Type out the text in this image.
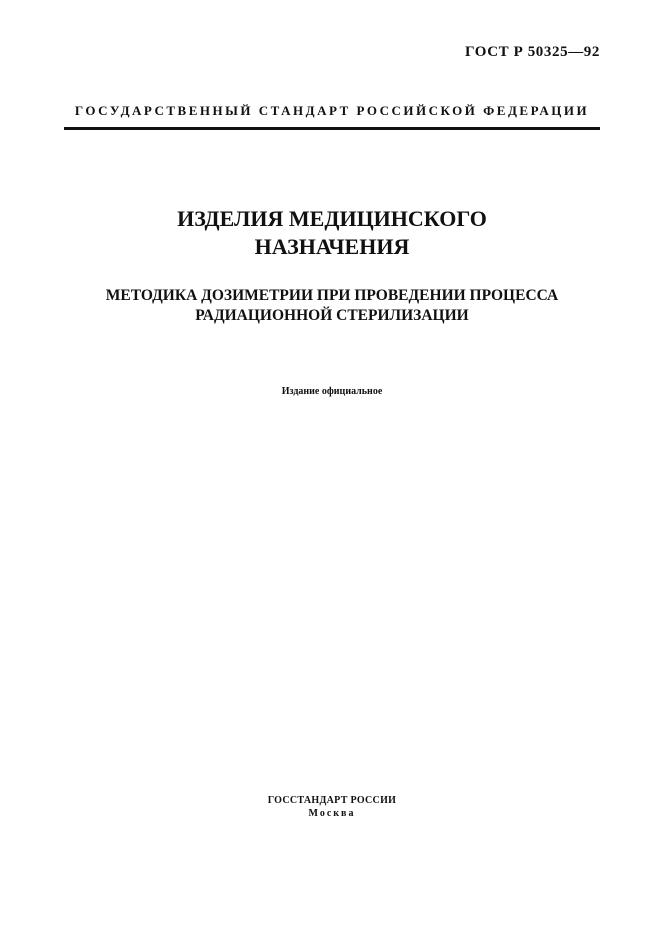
ГОСТ Р 50325—92
ГОСУДАРСТВЕННЫЙ СТАНДАРТ РОССИЙСКОЙ ФЕДЕРАЦИИ
ИЗДЕЛИЯ МЕДИЦИНСКОГО
НАЗНАЧЕНИЯ
МЕТОДИКА ДОЗИМЕТРИИ ПРИ ПРОВЕДЕНИИ ПРОЦЕССА
РАДИАЦИОННОЙ СТЕРИЛИЗАЦИИ
Издание официальное
ГОССТАНДАРТ РОССИИ
Москва
